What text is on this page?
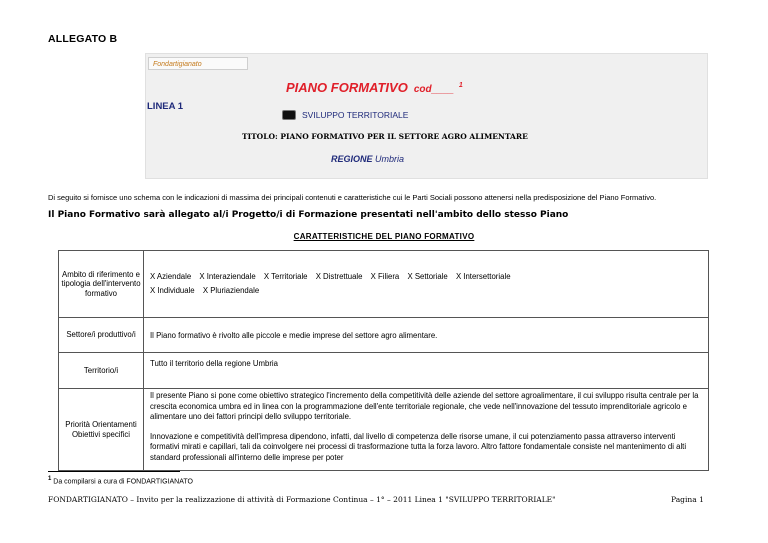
ALLEGATO B
Fondartigianato
PIANO FORMATIVO cod____ $^1$
LINEA 1
SVILUPPO TERRITORIALE
TITOLO: PIANO FORMATIVO PER IL SETTORE AGRO ALIMENTARE
REGIONE Umbria
Di seguito si fornisce uno schema con le indicazioni di massima dei principali contenuti e caratteristiche cui le Parti Sociali possono attenersi nella predisposizione del Piano Formativo.
Il Piano Formativo sarà allegato al/i Progetto/i di Formazione presentati nell'ambito dello stesso Piano
CARATTERISTICHE DEL PIANO FORMATIVO
Ambito di riferimento e tipologia dell'intervento formativo	X Aziendale X Interaziendale X Territoriale X Distrettuale X Filiera X Settoriale X Intersettoriale
X Individuale X Pluriaziendale

Settore/i produttivo/i	Il Piano formativo è rivolto alle piccole e medie imprese del settore agro alimentare.
Territorio/i	Tutto il territorio della regione Umbria
Priorità Orientamenti Obiettivi specifici	Il presente Piano si pone come obiettivo strategico l'incremento della competitività delle aziende del settore agroalimentare, il cui sviluppo risulta centrale per la crescita economica umbra ed in linea con la programmazione dell'ente territoriale regionale, che vede nell'innovazione del tessuto imprenditoriale agricolo e alimentare uno dei fattori principi dello sviluppo territoriale.
Innovazione e competitività dell'impresa dipendono, infatti, dal livello di competenza delle risorse umane, il cui potenziamento passa attraverso interventi formativi mirati e capillari, tali da coinvolgere nei processi di trasformazione tutta la forza lavoro. Altro fattore fondamentale consiste nel mantenimento di alti standard professionali all'interno delle imprese per poter
$^1$ Da compilarsi a cura di FONDARTIGIANATO
FONDARTIGIANATO – Invito per la realizzazione di attività di Formazione Continua – 1° – 2011 Linea 1 "SVILUPPO TERRITORIALE"	Pagina 1
